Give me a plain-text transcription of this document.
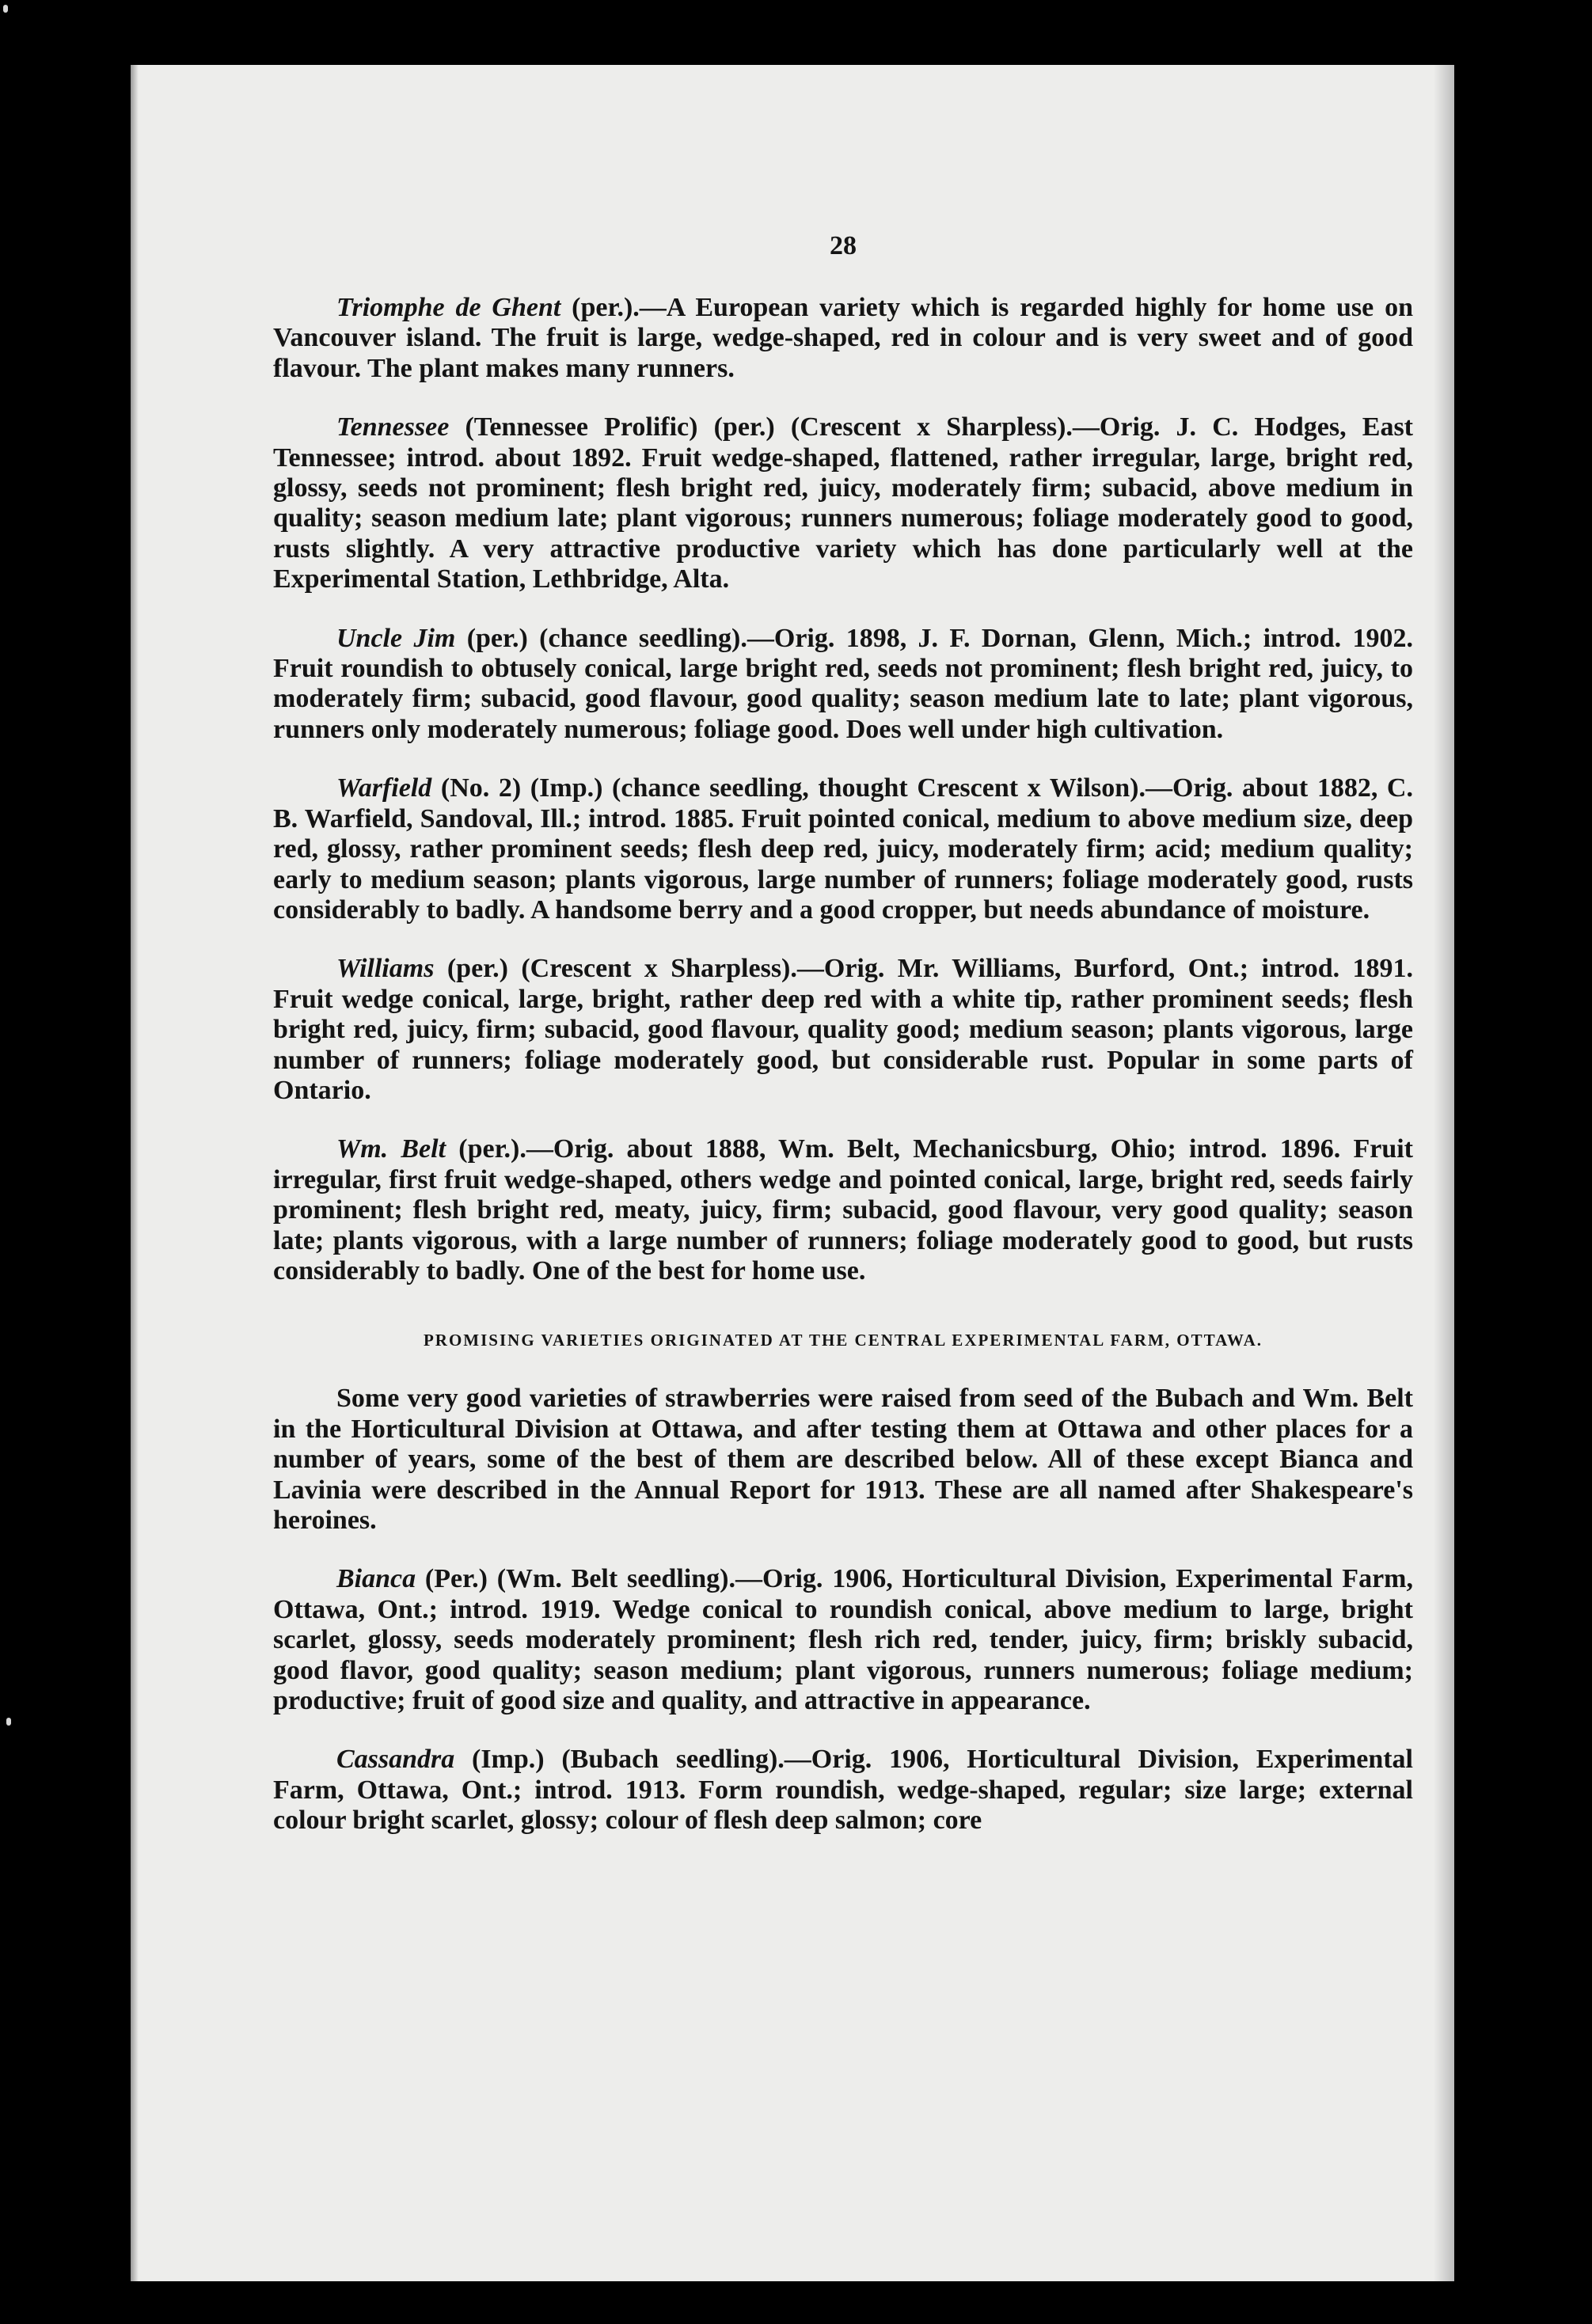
28

Triomphe de Ghent (per.).—A European variety which is regarded highly for home use on Vancouver island. The fruit is large, wedge-shaped, red in colour and is very sweet and of good flavour. The plant makes many runners.

Tennessee (Tennessee Prolific) (per.) (Crescent x Sharpless).—Orig. J. C. Hodges, East Tennessee; introd. about 1892. Fruit wedge-shaped, flattened, rather irregular, large, bright red, glossy, seeds not prominent; flesh bright red, juicy, moderately firm; subacid, above medium in quality; season medium late; plant vigorous; runners numerous; foliage moderately good to good, rusts slightly. A very attractive productive variety which has done particularly well at the Experimental Station, Lethbridge, Alta.

Uncle Jim (per.) (chance seedling).—Orig. 1898, J. F. Dornan, Glenn, Mich.; introd. 1902. Fruit roundish to obtusely conical, large bright red, seeds not prominent; flesh bright red, juicy, to moderately firm; subacid, good flavour, good quality; season medium late to late; plant vigorous, runners only moderately numerous; foliage good. Does well under high cultivation.

Warfield (No. 2) (Imp.) (chance seedling, thought Crescent x Wilson).—Orig. about 1882, C. B. Warfield, Sandoval, Ill.; introd. 1885. Fruit pointed conical, medium to above medium size, deep red, glossy, rather prominent seeds; flesh deep red, juicy, moderately firm; acid; medium quality; early to medium season; plants vigorous, large number of runners; foliage moderately good, rusts considerably to badly. A handsome berry and a good cropper, but needs abundance of moisture.

Williams (per.) (Crescent x Sharpless).—Orig. Mr. Williams, Burford, Ont.; introd. 1891. Fruit wedge conical, large, bright, rather deep red with a white tip, rather prominent seeds; flesh bright red, juicy, firm; subacid, good flavour, quality good; medium season; plants vigorous, large number of runners; foliage moderately good, but considerable rust. Popular in some parts of Ontario.

Wm. Belt (per.).—Orig. about 1888, Wm. Belt, Mechanicsburg, Ohio; introd. 1896. Fruit irregular, first fruit wedge-shaped, others wedge and pointed conical, large, bright red, seeds fairly prominent; flesh bright red, meaty, juicy, firm; subacid, good flavour, very good quality; season late; plants vigorous, with a large number of runners; foliage moderately good to good, but rusts considerably to badly. One of the best for home use.

PROMISING VARIETIES ORIGINATED AT THE CENTRAL EXPERIMENTAL FARM, OTTAWA.

Some very good varieties of strawberries were raised from seed of the Bubach and Wm. Belt in the Horticultural Division at Ottawa, and after testing them at Ottawa and other places for a number of years, some of the best of them are described below. All of these except Bianca and Lavinia were described in the Annual Report for 1913. These are all named after Shakespeare's heroines.

Bianca (Per.) (Wm. Belt seedling).—Orig. 1906, Horticultural Division, Experimental Farm, Ottawa, Ont.; introd. 1919. Wedge conical to roundish conical, above medium to large, bright scarlet, glossy, seeds moderately prominent; flesh rich red, tender, juicy, firm; briskly subacid, good flavor, good quality; season medium; plant vigorous, runners numerous; foliage medium; productive; fruit of good size and quality, and attractive in appearance.

Cassandra (Imp.) (Bubach seedling).—Orig. 1906, Horticultural Division, Experimental Farm, Ottawa, Ont.; introd. 1913. Form roundish, wedge-shaped, regular; size large; external colour bright scarlet, glossy; colour of flesh deep salmon; core
